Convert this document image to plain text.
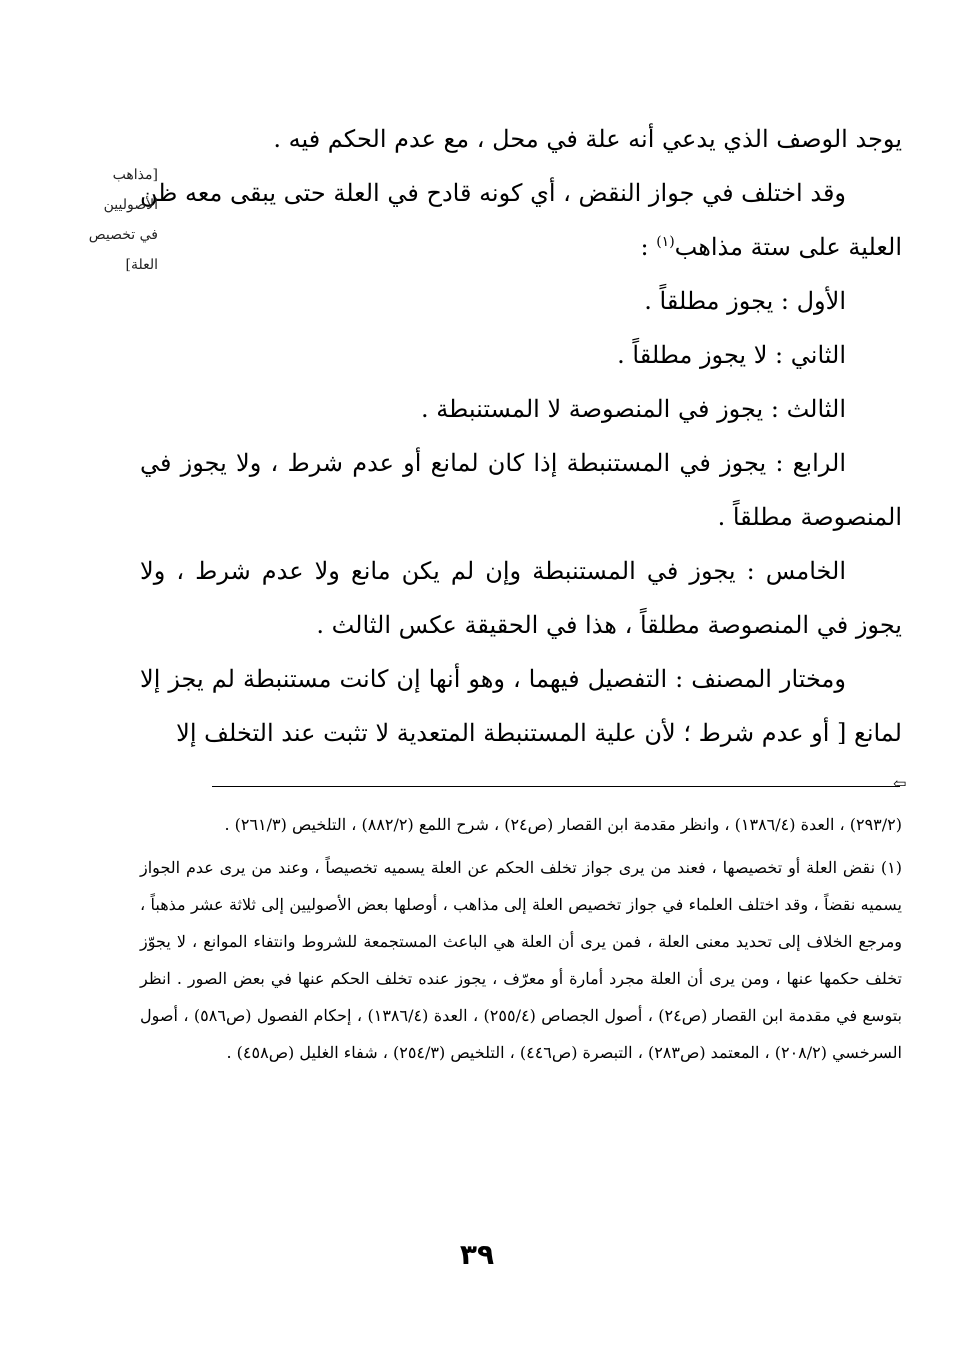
يوجد الوصف الذي يدعي أنه علة في محل ، مع عدم الحكم فيه .

وقد اختلف في جواز النقض ، أي كونه قادح في العلة حتى يبقى معه ظن العلية على ستة مذاهب$^{(١)}$ :

الأول : يجوز مطلقاً .

الثاني : لا يجوز مطلقاً .

الثالث : يجوز في المنصوصة لا المستنبطة .

الرابع : يجوز في المستنبطة إذا كان لمانع أو عدم شرط ، ولا يجوز في المنصوصة مطلقاً .

الخامس : يجوز في المستنبطة وإن لم يكن مانع ولا عدم شرط ، ولا يجوز في المنصوصة مطلقاً ، هذا في الحقيقة عكس الثالث .

ومختار المصنف : التفصيل فيهما ، وهو أنها إن كانت مستنبطة لم يجز إلا لمانع [ أو عدم شرط ؛ لأن علية المستنبطة المتعدية لا تثبت عند التخلف إلا

[مذاهب
الأصوليين
في تخصيص
العلة]
⇦

(٢٩٣/٢) ، العدة (١٣٨٦/٤) ، وانظر مقدمة ابن القصار (ص٢٤) ، شرح اللمع (٨٨٢/٢) ، التلخيص (٢٦١/٣) .

(١) نقض العلة أو تخصيصها ، فعند من يرى جواز تخلف الحكم عن العلة يسميه تخصيصاً ، وعند من يرى عدم الجواز يسميه نقضاً ، وقد اختلف العلماء في جواز تخصيص العلة إلى مذاهب ، أوصلها بعض الأصوليين إلى ثلاثة عشر مذهباً ، ومرجع الخلاف إلى تحديد معنى العلة ، فمن يرى أن العلة هي الباعث المستجمعة للشروط وانتفاء الموانع ، لا يجوّز تخلف حكمها عنها ، ومن يرى أن العلة مجرد أمارة أو معرّف ، يجوز عنده تخلف الحكم عنها في بعض الصور . انظر بتوسع في مقدمة ابن القصار (ص٢٤) ، أصول الجصاص (٢٥٥/٤) ، العدة (١٣٨٦/٤) ، إحكام الفصول (ص٥٨٦) ، أصول السرخسي (٢٠٨/٢) ، المعتمد (ص٢٨٣) ، التبصرة (ص٤٤٦) ، التلخيص (٢٥٤/٣) ، شفاء الغليل (ص٤٥٨) .

٣٩
